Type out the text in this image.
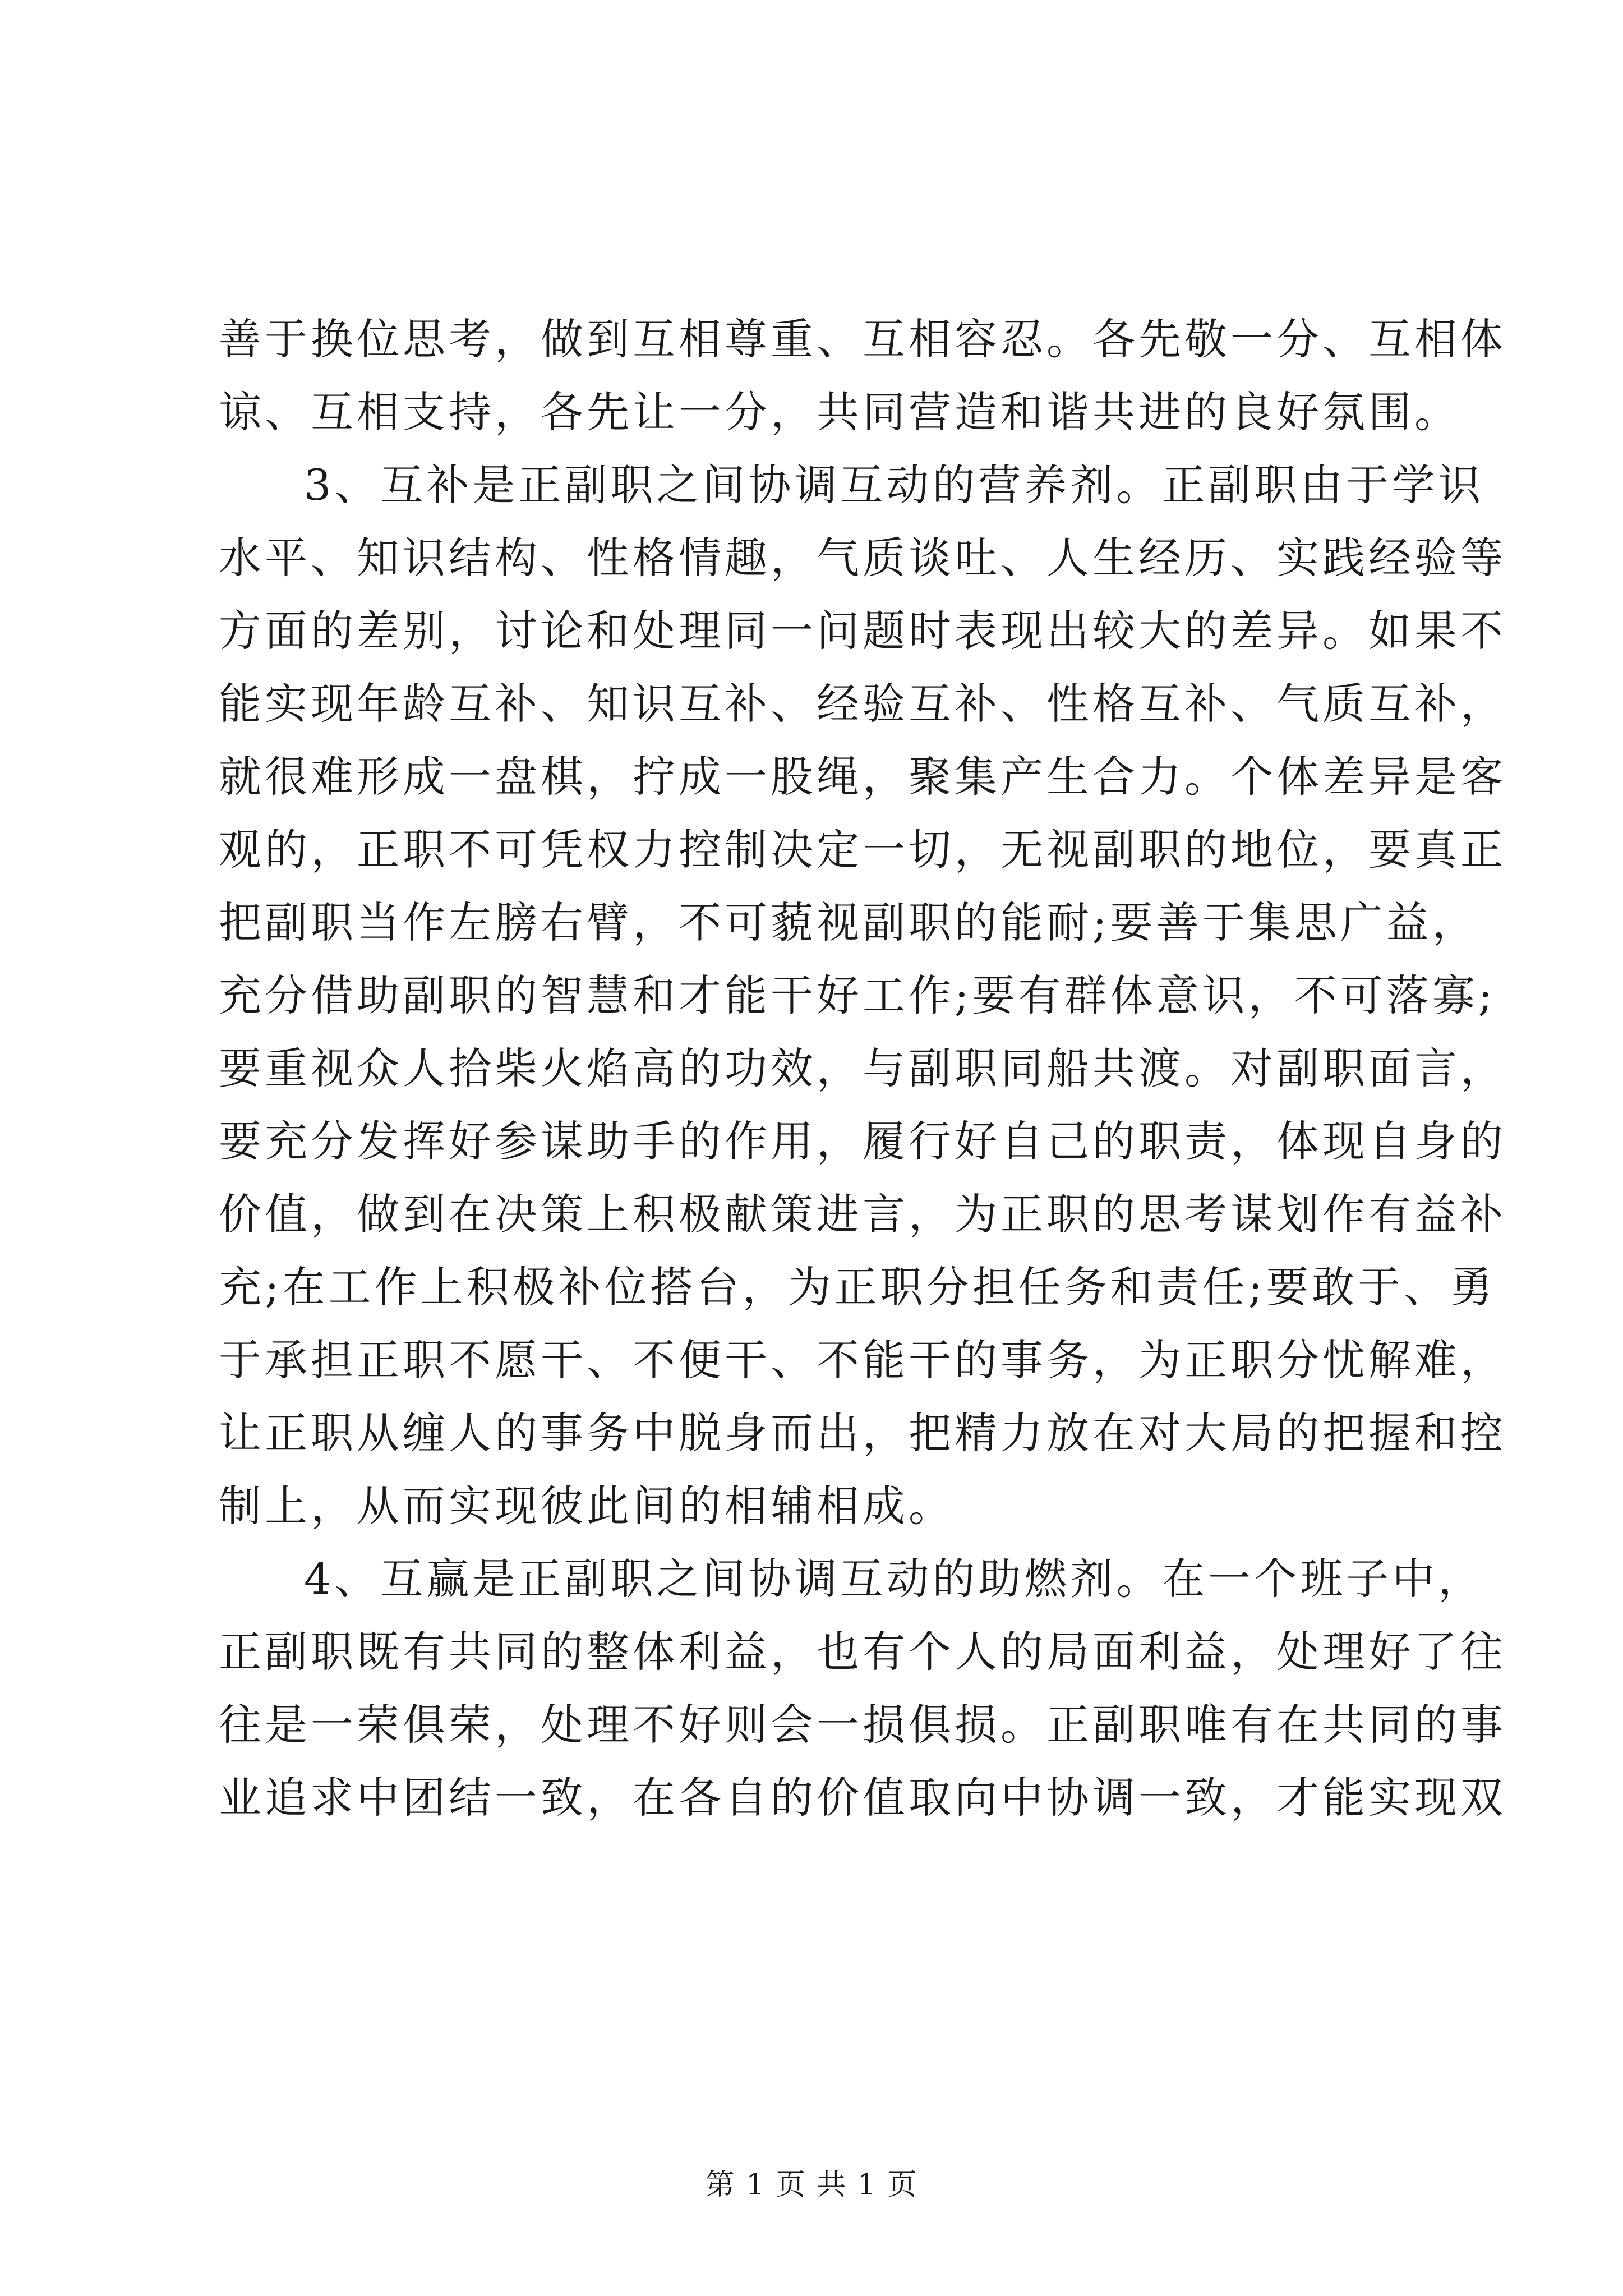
善于换位思考，做到互相尊重、互相容忍。各先敬一分、互相体
谅、互相支持，各先让一分，共同营造和谐共进的良好氛围。
3、互补是正副职之间协调互动的营养剂。正副职由于学识
水平、知识结构、性格情趣，气质谈吐、人生经历、实践经验等
方面的差别，讨论和处理同一问题时表现出较大的差异。如果不
能实现年龄互补、知识互补、经验互补、性格互补、气质互补，
就很难形成一盘棋，拧成一股绳，聚集产生合力。个体差异是客
观的，正职不可凭权力控制决定一切，无视副职的地位，要真正
把副职当作左膀右臂，不可藐视副职的能耐;要善于集思广益，
充分借助副职的智慧和才能干好工作;要有群体意识，不可落寡;
要重视众人拾柴火焰高的功效，与副职同船共渡。对副职面言，
要充分发挥好参谋助手的作用，履行好自己的职责，体现自身的
价值，做到在决策上积极献策进言，为正职的思考谋划作有益补
充;在工作上积极补位搭台，为正职分担任务和责任;要敢于、勇
于承担正职不愿干、不便干、不能干的事务，为正职分忧解难，
让正职从缠人的事务中脱身而出，把精力放在对大局的把握和控
制上，从而实现彼此间的相辅相成。
4、互赢是正副职之间协调互动的助燃剂。在一个班子中，
正副职既有共同的整体利益，也有个人的局面利益，处理好了往
往是一荣俱荣，处理不好则会一损俱损。正副职唯有在共同的事
业追求中团结一致，在各自的价值取向中协调一致，才能实现双
第 1 页 共 1 页
